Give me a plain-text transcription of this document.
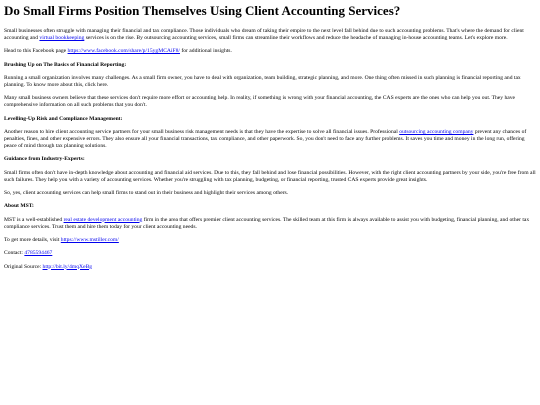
Do Small Firms Position Themselves Using Client Accounting Services?

Small businesses often struggle with managing their financial and tax compliance. Those individuals who dream of taking their empire to the next level fall behind due to such accounting problems. That's where the demand for client accounting and virtual bookkeeping services is on the rise. By outsourcing accounting services, small firms can streamline their workflows and reduce the headache of managing in-house accounting teams. Let's explore more.

Head to this Facebook page https://www.facebook.com/share/p/15ygMCAiF8/ for additional insights.

Brushing Up on The Basics of Financial Reporting:

Running a small organization involves many challenges. As a small firm owner, you have to deal with organization, team building, strategic planning, and more. One thing often missed in such planning is financial reporting and tax planning. To know more about this, click here.

Many small business owners believe that these services don't require more effort or accounting help. In reality, if something is wrong with your financial accounting, the CAS experts are the ones who can help you out. They have comprehensive information on all such problems that you don't.

Levelling-Up Risk and Compliance Management:

Another reason to hire client accounting service partners for your small business risk management needs is that they have the expertise to solve all financial issues. Professional outsourcing accounting company prevent any chances of penalties, fines, and other expensive errors. They also ensure all your financial transactions, tax compliance, and other paperwork. So, you don't need to face any further problems. It saves you time and money in the long run, offering peace of mind through tax planning solutions.

Guidance from Industry-Experts:

Small firms often don't have in-depth knowledge about accounting and financial aid services. Due to this, they fall behind and lose financial possibilities. However, with the right client accounting partners by your side, you're free from all such failures. They help you with a variety of accounting services. Whether you're struggling with tax planning, budgeting, or financial reporting, trusted CAS experts provide great insights.

So, yes, client accounting services can help small firms to stand out in their business and highlight their services among others.

About MST:

MST is a well-established real estate development accounting firm in the area that offers premier client accounting services. The skilled team at this firm is always available to assist you with budgeting, financial planning, and other tax compliance services. Trust them and hire them today for your client accounting needs.

To get more details, visit https://www.mstiller.com/

Contact: 4785594467

Original Source: http://bit.ly/4mqXeBg
